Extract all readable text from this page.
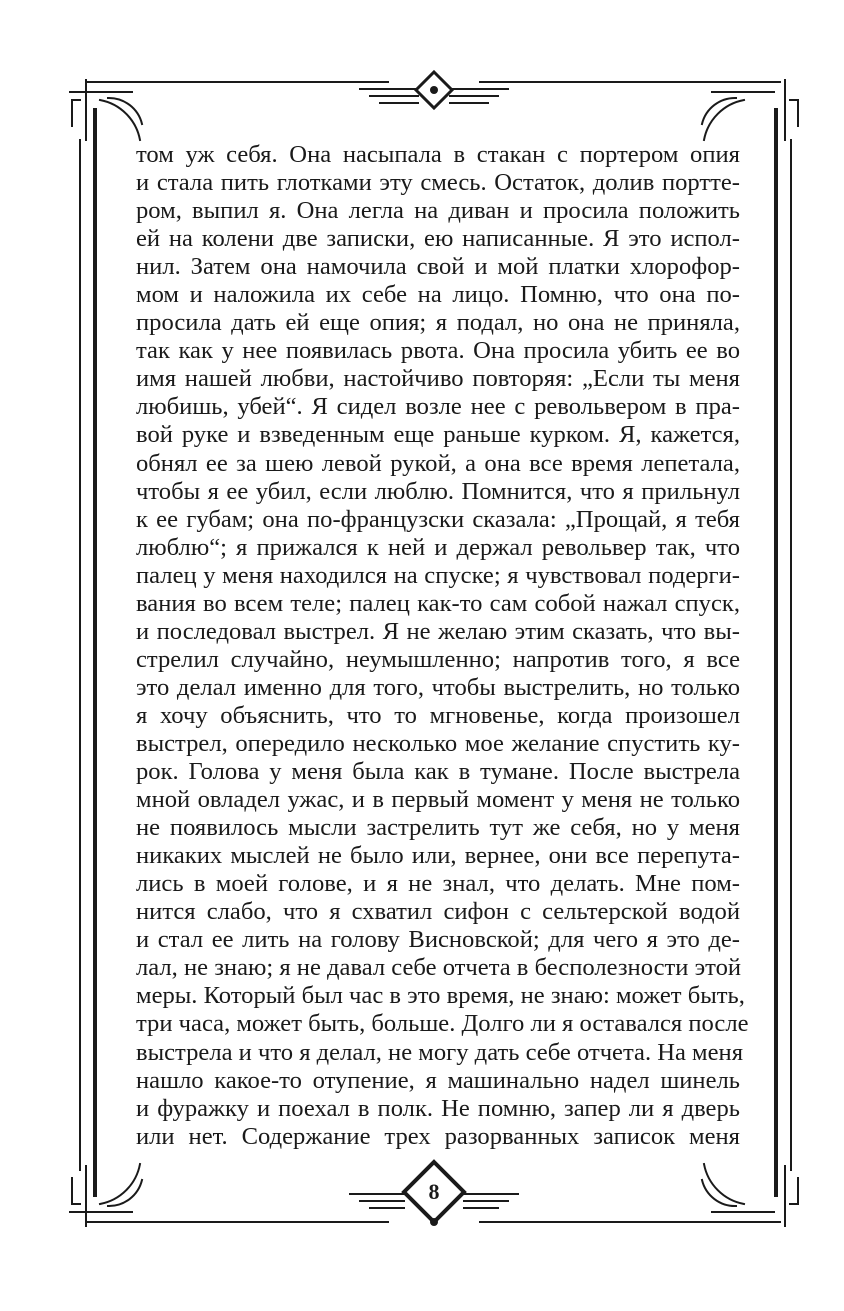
том уж себя. Она насыпала в стакан с портером опия
и стала пить глотками эту смесь. Остаток, долив портте-
ром, выпил я. Она легла на диван и просила положить
ей на колени две записки, ею написанные. Я это испол-
нил. Затем она намочила свой и мой платки хлорофор-
мом и наложила их себе на лицо. Помню, что она по-
просила дать ей еще опия; я подал, но она не приняла,
так как у нее появилась рвота. Она просила убить ее во
имя нашей любви, настойчиво повторяя: „Если ты меня
любишь, убей“. Я сидел возле нее с револьвером в пра-
вой руке и взведенным еще раньше курком. Я, кажется,
обнял ее за шею левой рукой, а она все время лепетала,
чтобы я ее убил, если люблю. Помнится, что я прильнул
к ее губам; она по-французски сказала: „Прощай, я тебя
люблю“; я прижался к ней и держал револьвер так, что
палец у меня находился на спуске; я чувствовал подерги-
вания во всем теле; палец как-то сам собой нажал спуск,
и последовал выстрел. Я не желаю этим сказать, что вы-
стрелил случайно, неумышленно; напротив того, я все
это делал именно для того, чтобы выстрелить, но только
я хочу объяснить, что то мгновенье, когда произошел
выстрел, опередило несколько мое желание спустить ку-
рок. Голова у меня была как в тумане. После выстрела
мной овладел ужас, и в первый момент у меня не только
не появилось мысли застрелить тут же себя, но у меня
никаких мыслей не было или, вернее, они все перепута-
лись в моей голове, и я не знал, что делать. Мне пом-
нится слабо, что я схватил сифон с сельтерской водой
и стал ее лить на голову Висновской; для чего я это де-
лал, не знаю; я не давал себе отчета в бесполезности этой
меры. Который был час в это время, не знаю: может быть,
три часа, может быть, больше. Долго ли я оставался после
выстрела и что я делал, не могу дать себе отчета. На меня
нашло какое-то отупение, я машинально надел шинель
и фуражку и поехал в полк. Не помню, запер ли я дверь
или нет. Содержание трех разорванных записок меня
8
